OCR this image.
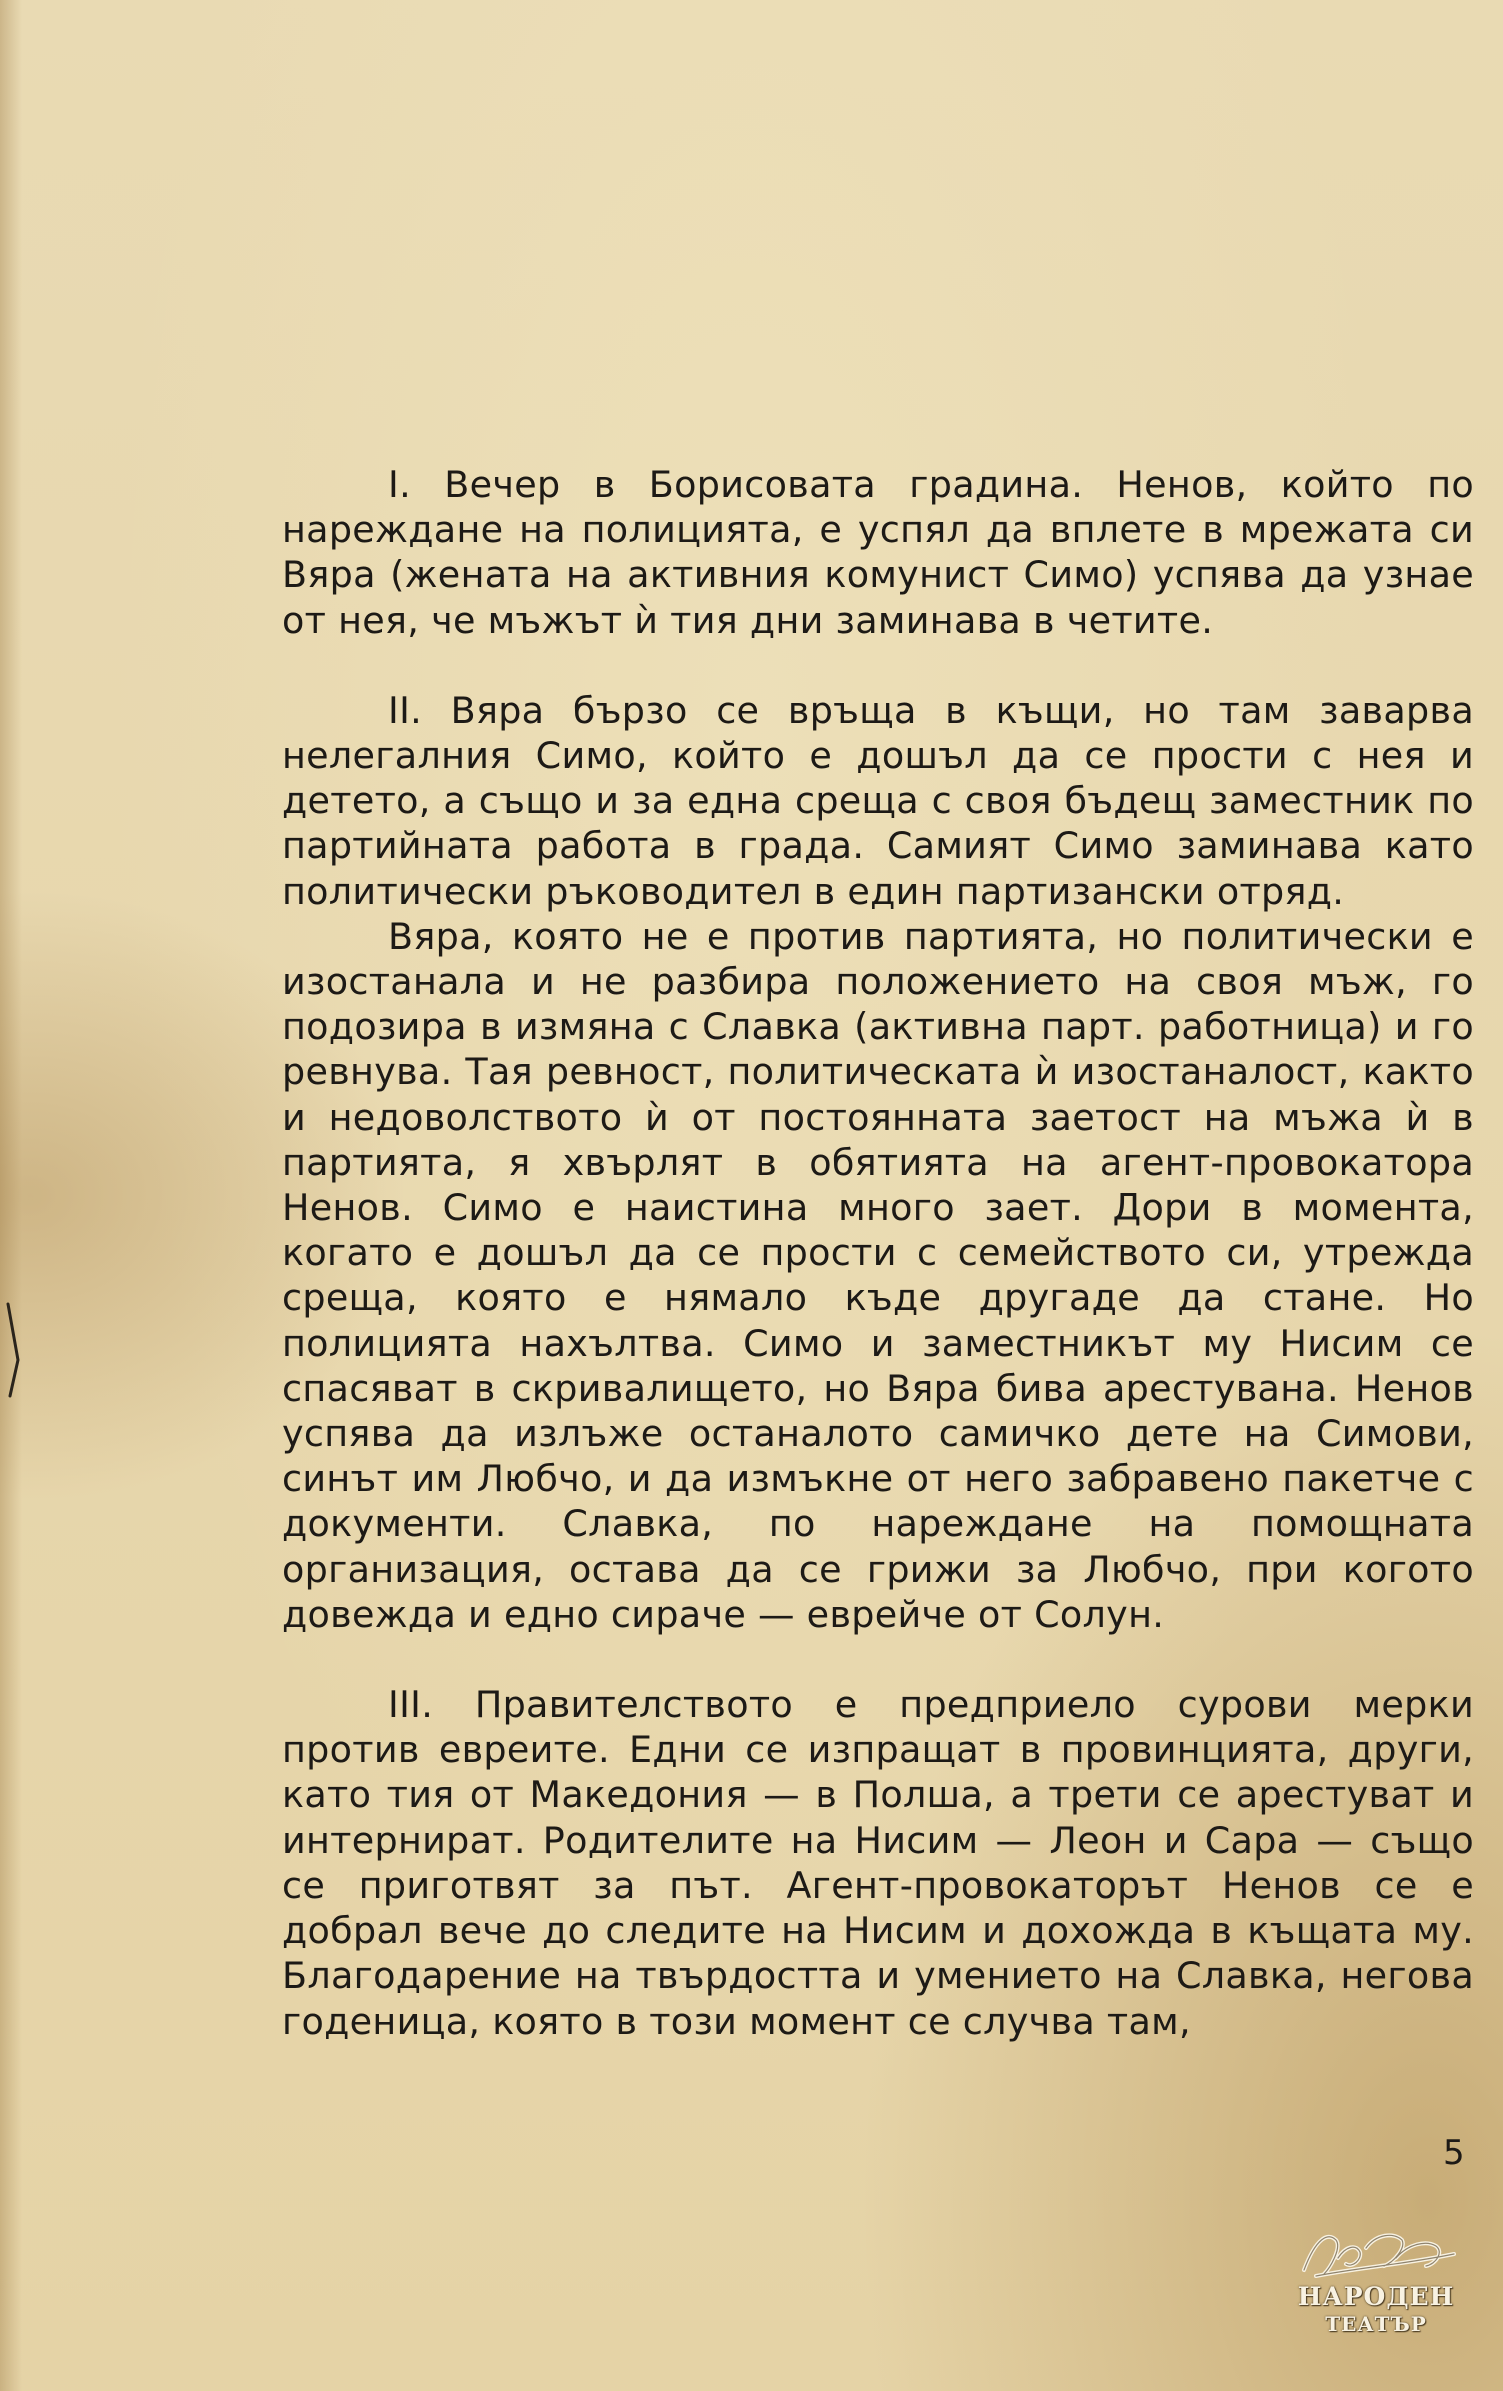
I. Вечер в Борисовата градина. Ненов, който по нареждане на полицията, е успял да вплете в мрежата си Вяра (жената на активния комунист Симо) успява да узнае от нея, че мъжът ѝ тия дни заминава в четите.

II. Вяра бързо се връща в къщи, но там заварва нелегалния Симо, който е дошъл да се прости с нея и детето, а също и за една среща с своя бъдещ заместник по партийната работа в града. Самият Симо заминава като политически ръководител в един партизански отряд.

Вяра, която не е против партията, но политически е изостанала и не разбира положението на своя мъж, го подозира в измяна с Славка (активна парт. работница) и го ревнува. Тая ревност, политическата ѝ изостаналост, както и недоволството ѝ от постоянната заетост на мъжа ѝ в партията, я хвърлят в обятията на агент-провокатора Ненов. Симо е наистина много зает. Дори в момента, когато е дошъл да се прости с семейството си, утрежда среща, която е нямало къде другаде да стане. Но полицията нахълтва. Симо и заместникът му Нисим се спасяват в скривалището, но Вяра бива арестувана. Ненов успява да излъже останалото самичко дете на Симови, синът им Любчо, и да измъкне от него забравено пакетче с документи. Славка, по нареждане на помощната организация, остава да се грижи за Любчо, при когото довежда и едно сираче — еврейче от Солун.

III. Правителството е предприело сурови мерки против евреите. Едни се изпращат в провинцията, други, като тия от Македония — в Полша, а трети се арестуват и интернират. Родителите на Нисим — Леон и Сара — също се приготвят за път. Агент-провокаторът Ненов се е добрал вече до следите на Нисим и дохожда в къщата му. Благодарение на твърдостта и умението на Славка, негова годеница, която в този момент се случва там,

5
НАРОДЕН
ТЕАТЪР
